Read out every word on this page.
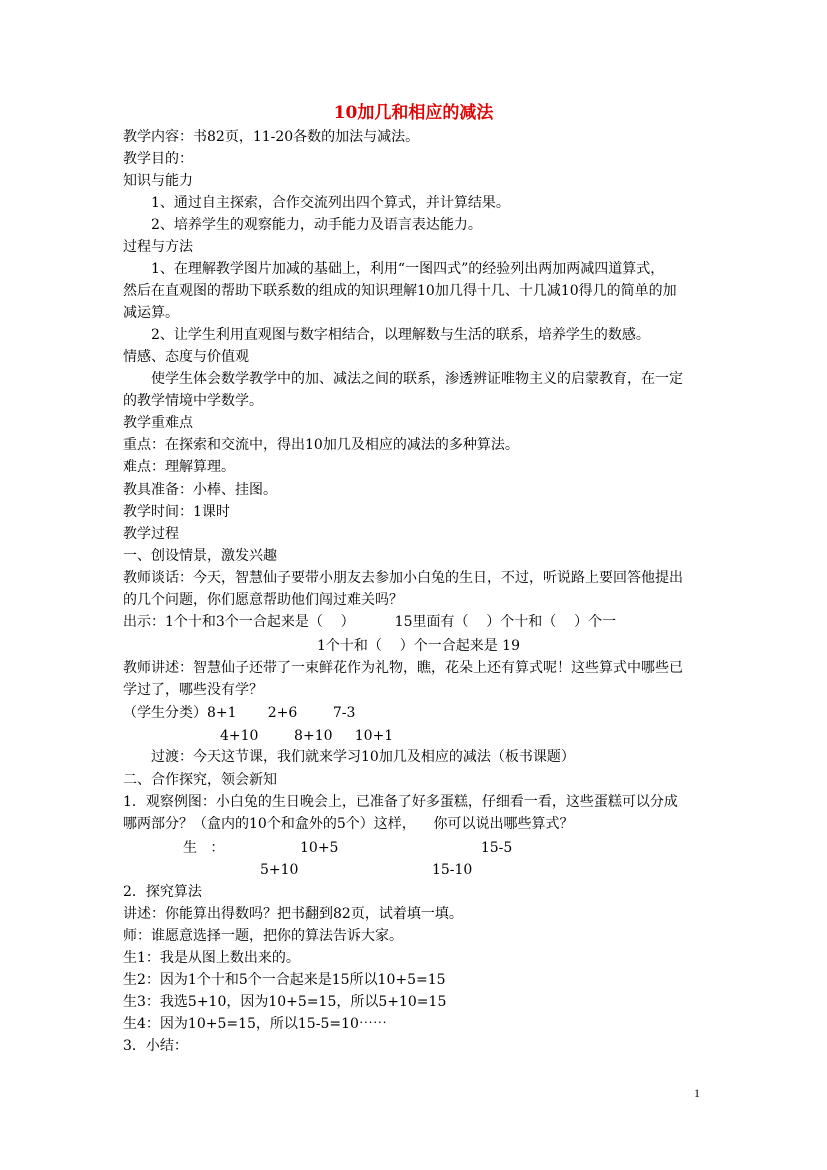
10加几和相应的减法
教学内容：书82页，11-20各数的加法与减法。
教学目的：
知识与能力
1、通过自主探索，合作交流列出四个算式，并计算结果。
2、培养学生的观察能力，动手能力及语言表达能力。
过程与方法
1、在理解教学图片加减的基础上，利用“一图四式”的经验列出两加两减四道算式，
然后在直观图的帮助下联系数的组成的知识理解10加几得十几、十几减10得几的简单的加
减运算。
2、让学生利用直观图与数字相结合，以理解数与生活的联系，培养学生的数感。
情感、态度与价值观
使学生体会数学教学中的加、减法之间的联系，渗透辨证唯物主义的启蒙教育，在一定
的教学情境中学数学。
教学重难点
重点：在探索和交流中，得出10加几及相应的减法的多种算法。
难点：理解算理。
教具准备：小棒、挂图。
教学时间：1课时
教学过程
一、创设情景，激发兴趣
教师谈话：今天，智慧仙子要带小朋友去参加小白兔的生日，不过，听说路上要回答他提出
的几个问题，你们愿意帮助他们闯过难关吗？
出示：1个十和3个一合起来是（    ）         15里面有（    ）个十和（    ）个一
1个十和（    ）个一合起来是 19
教师讲述：智慧仙子还带了一束鲜花作为礼物，瞧，花朵上还有算式呢！这些算式中哪些已
学过了，哪些没有学？
（学生分类）8+1       2+6        7-3
4+10        8+10     10+1
过渡：今天这节课，我们就来学习10加几及相应的减法（板书课题）
二、合作探究，领会新知
1．观察例图：小白兔的生日晚会上，已准备了好多蛋糕，仔细看一看，这些蛋糕可以分成
哪两部分？（盒内的10个和盒外的5个）这样，    你可以说出哪些算式？
生   ：                 10+5                                15-5
5+10                              15-10
2．探究算法
讲述：你能算出得数吗？把书翻到82页，试着填一填。
师：谁愿意选择一题，把你的算法告诉大家。
生1：我是从图上数出来的。
生2：因为1个十和5个一合起来是15所以10+5=15
生3：我选5+10，因为10+5=15，所以5+10=15
生4：因为10+5=15，所以15-5=10⋯⋯
3．小结：
1
